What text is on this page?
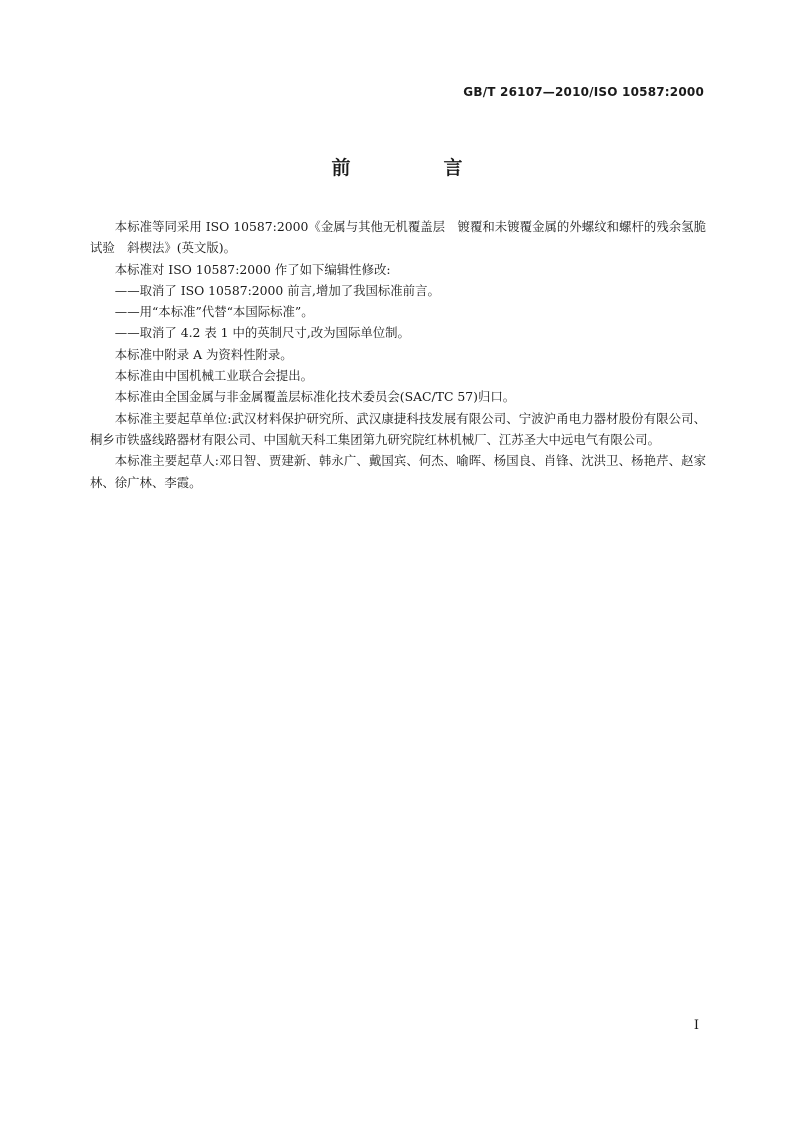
GB/T 26107—2010/ISO 10587:2000
前　言

本标准等同采用 ISO 10587:2000《金属与其他无机覆盖层　镀覆和未镀覆金属的外螺纹和螺杆的残余氢脆试验　斜楔法》(英文版)。

本标准对 ISO 10587:2000 作了如下编辑性修改:

——取消了 ISO 10587:2000 前言,增加了我国标准前言。

——用“本标准”代替“本国际标准”。

——取消了 4.2 表 1 中的英制尺寸,改为国际单位制。

本标准中附录 A 为资料性附录。

本标准由中国机械工业联合会提出。

本标准由全国金属与非金属覆盖层标准化技术委员会(SAC/TC 57)归口。

本标准主要起草单位:武汉材料保护研究所、武汉康捷科技发展有限公司、宁波沪甬电力器材股份有限公司、桐乡市铁盛线路器材有限公司、中国航天科工集团第九研究院红林机械厂、江苏圣大中远电气有限公司。

本标准主要起草人:邓日智、贾建新、韩永广、戴国宾、何杰、喻晖、杨国良、肖锋、沈洪卫、杨艳芹、赵家林、徐广林、李霞。

I
